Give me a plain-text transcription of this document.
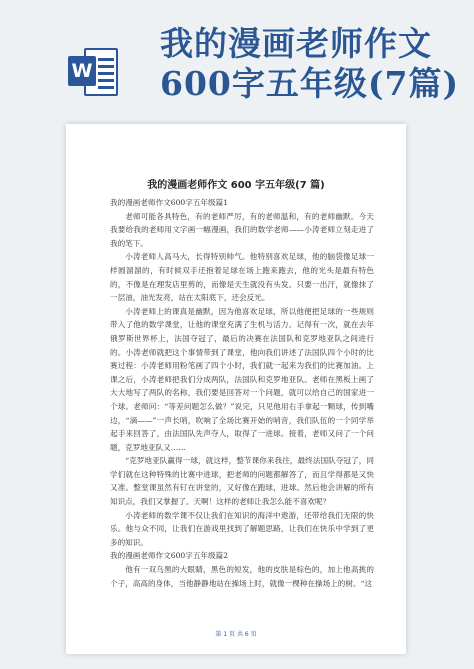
W
我的漫画老师作文600字五年级(7篇)
我的漫画老师作文 600 字五年级(7 篇)

我的漫画老师作文600字五年级篇1

老师可能各具特色，有的老师严厉，有的老师温和，有的老师幽默。今天我要给我的老师用文字画一幅漫画，我们的数学老师——小涛老师立刻走进了我的笔下。

小涛老师人高马大，长得特别帅气。他特别喜欢足球，他的脑袋像足球一样圆溜溜的，有时候双手还抱着足球在场上跑来跑去，他的光头是最有特色的，不像是在理发店里剪的，而像是天生就没有头发。只要一出汗，就像抹了一层油，油光发亮，站在太阳底下，还会反光。

小涛老师上的课真是幽默，因为他喜欢足球，所以他便把足球的一些规则带入了他的数学课堂，让他的课堂充满了生机与活力。记得有一次，就在去年俄罗斯世界杯上，法国夺冠了，最后的决赛在法国队和克罗地亚队之间进行的。小涛老师就把这个事情带到了课堂，他向我们讲述了法国队四个小时的比赛过程：小涛老师用粉笔画了四个小时，我们就一起来为我们的比赛加油。上课之后，小涛老师把我们分成两队，法国队和克罗地亚队。老师在黑板上画了大大地写了两队的名称，我们要是回答对一个问题，就可以给自己的国家进一个球。老师问：“等差问题怎么做？”说完，只见他用右手拿起一颗球，传到嘴边，“滴——”一声长哨，吹响了全场比赛开始的哨音，我们队伍的一个同学举起手来回答了，由法国队先声夺人，取得了一进球。接着，老师又问了一个问题，克罗地亚队又……

“克罗地亚队赢得一球，就这样，整节课你来我往，最终法国队夺冠了，同学们就在这种特殊的比赛中进球，把老师的问题都解答了，而且学得都是又快又准。整堂课虽然有钉在讲堂的，又好像在跑球，进球。然后他会讲解的所有知识点，我们又掌握了。天啊！这样的老师让我怎么能不喜欢呢？

小涛老师的数学课不仅让我们在知识的海洋中遨游，还带给我们无限的快乐。他与众不同，让我们在游戏里找到了解题思路，让我们在快乐中学到了更多的知识。

我的漫画老师作文600字五年级篇2

他有一双乌黑的大眼睛，黑色的短发，他的皮肤是棕色的，加上他高挑的个子，高高的身体，当他静静地站在操场上时，就像一棵种在操场上的树。“这

第 1 页 共 6 页
